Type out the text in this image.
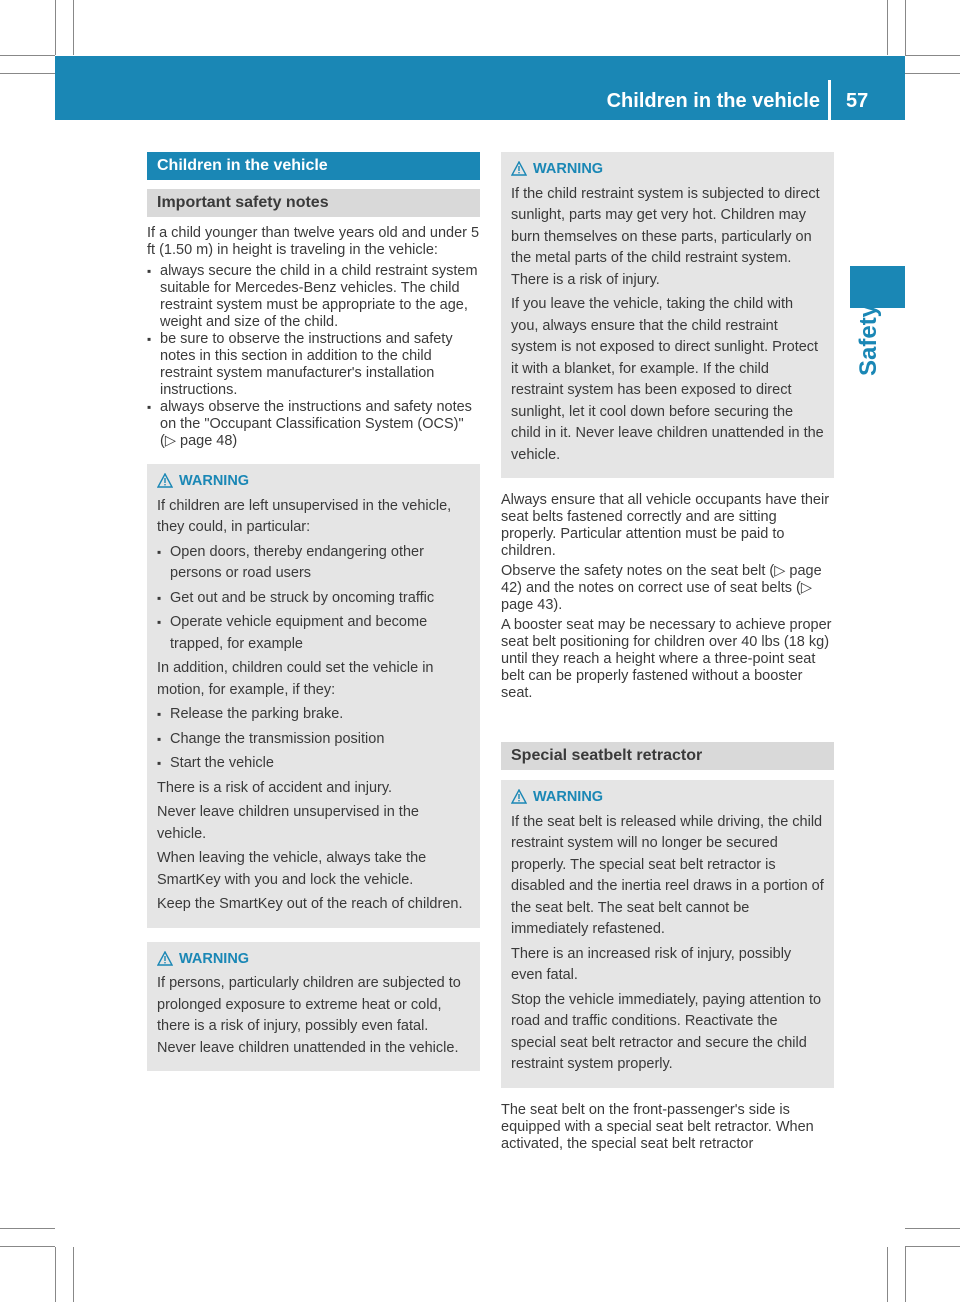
Children in the vehicle 57
Safety
Children in the vehicle
Important safety notes

If a child younger than twelve years old and under 5 ft (1.50 m) in height is traveling in the vehicle:

▪ always secure the child in a child restraint system suitable for Mercedes-Benz vehicles. The child restraint system must be appropriate to the age, weight and size of the child.
▪ be sure to observe the instructions and safety notes in this section in addition to the child restraint system manufacturer's installation instructions.
▪ always observe the instructions and safety notes on the "Occupant Classification System (OCS)" (▷ page 48)
WARNING

If children are left unsupervised in the vehicle, they could, in particular:

▪ Open doors, thereby endangering other persons or road users
▪ Get out and be struck by oncoming traffic
▪ Operate vehicle equipment and become trapped, for example

In addition, children could set the vehicle in motion, for example, if they:

▪ Release the parking brake.
▪ Change the transmission position
▪ Start the vehicle

There is a risk of accident and injury.

Never leave children unsupervised in the vehicle.

When leaving the vehicle, always take the SmartKey with you and lock the vehicle.

Keep the SmartKey out of the reach of children.

WARNING

If persons, particularly children are subjected to prolonged exposure to extreme heat or cold, there is a risk of injury, possibly even fatal. Never leave children unattended in the vehicle.

WARNING

If the child restraint system is subjected to direct sunlight, parts may get very hot. Children may burn themselves on these parts, particularly on the metal parts of the child restraint system. There is a risk of injury.

If you leave the vehicle, taking the child with you, always ensure that the child restraint system is not exposed to direct sunlight. Protect it with a blanket, for example. If the child restraint system has been exposed to direct sunlight, let it cool down before securing the child in it. Never leave children unattended in the vehicle.

Always ensure that all vehicle occupants have their seat belts fastened correctly and are sitting properly. Particular attention must be paid to children.

Observe the safety notes on the seat belt (▷ page 42) and the notes on correct use of seat belts (▷ page 43).

A booster seat may be necessary to achieve proper seat belt positioning for children over 40 lbs (18 kg) until they reach a height where a three-point seat belt can be properly fastened without a booster seat.

Special seatbelt retractor
WARNING

If the seat belt is released while driving, the child restraint system will no longer be secured properly. The special seat belt retractor is disabled and the inertia reel draws in a portion of the seat belt. The seat belt cannot be immediately refastened.

There is an increased risk of injury, possibly even fatal.

Stop the vehicle immediately, paying attention to road and traffic conditions. Reactivate the special seat belt retractor and secure the child restraint system properly.

The seat belt on the front-passenger's side is equipped with a special seat belt retractor. When activated, the special seat belt retractor
